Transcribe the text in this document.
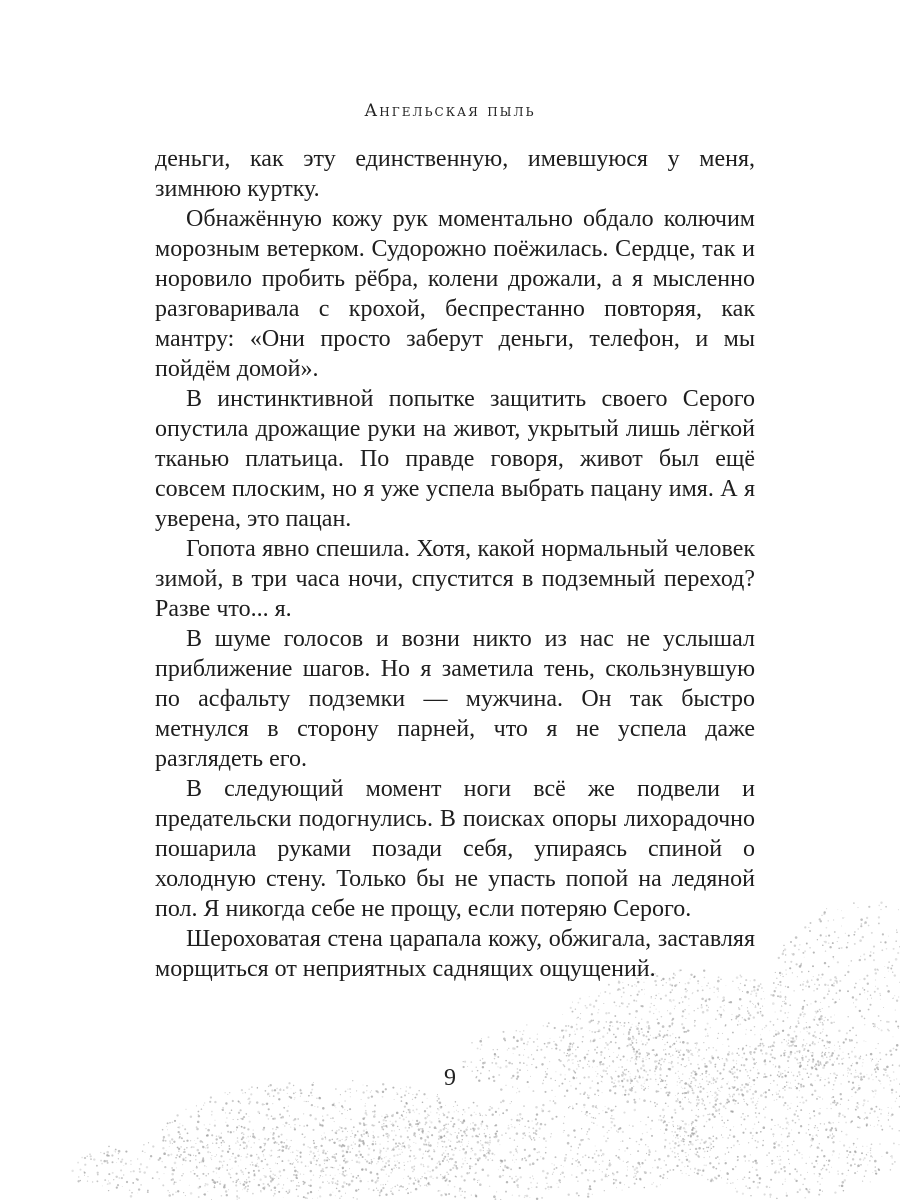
Ангельская пыль

деньги, как эту единственную, имевшуюся у меня, зимнюю куртку.

Обнажённую кожу рук моментально обдало колючим морозным ветерком. Судорожно поёжилась. Сердце, так и норовило пробить рёбра, колени дрожали, а я мысленно разговаривала с крохой, беспрестанно повторяя, как мантру: «Они просто заберут деньги, телефон, и мы пойдём домой».

В инстинктивной попытке защитить своего Серого опустила дрожащие руки на живот, укрытый лишь лёгкой тканью платьица. По правде говоря, живот был ещё совсем плоским, но я уже успела выбрать пацану имя. А я уверена, это пацан.

Гопота явно спешила. Хотя, какой нормальный человек зимой, в три часа ночи, спустится в подземный переход? Разве что... я.

В шуме голосов и возни никто из нас не услышал приближение шагов. Но я заметила тень, скользнувшую по асфальту подземки — мужчина. Он так быстро метнулся в сторону парней, что я не успела даже разглядеть его.

В следующий момент ноги всё же подвели и предательски подогнулись. В поисках опоры лихорадочно пошарила руками позади себя, упираясь спиной о холодную стену. Только бы не упасть попой на ледяной пол. Я никогда себе не прощу, если потеряю Серого.

Шероховатая стена царапала кожу, обжигала, заставляя морщиться от неприятных саднящих ощущений.

9
